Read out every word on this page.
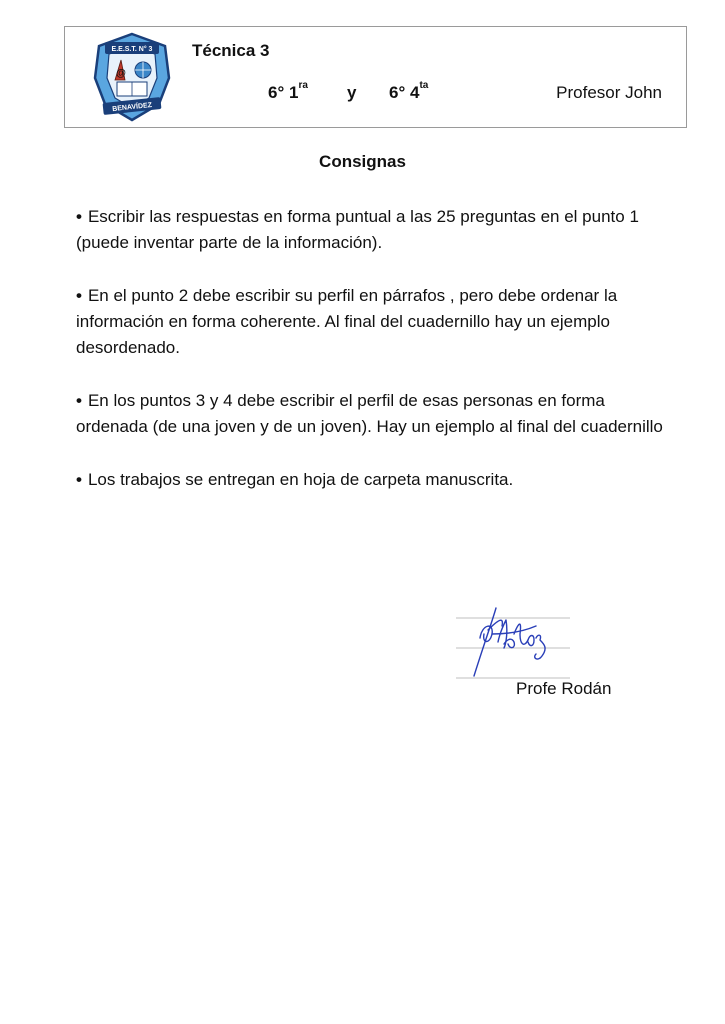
E.E.S.T. N° 3
@
BENAVÍDEZ
Técnica 3
6° $1^{ra}$ y 6° $4^{ta}$	Profesor John
Consignas
• Escribir las respuestas en forma puntual a las 25 preguntas en el punto 1 (puede inventar parte de la información).
• En el punto 2 debe escribir su perfil en párrafos , pero debe ordenar la información en forma coherente. Al final del cuadernillo hay un ejemplo desordenado.
• En los puntos 3 y 4 debe escribir el perfil de esas personas en forma ordenada (de una joven y de un joven). Hay un ejemplo al final del cuadernillo
• Los trabajos se entregan en hoja de carpeta manuscrita.
Profe Rodán
